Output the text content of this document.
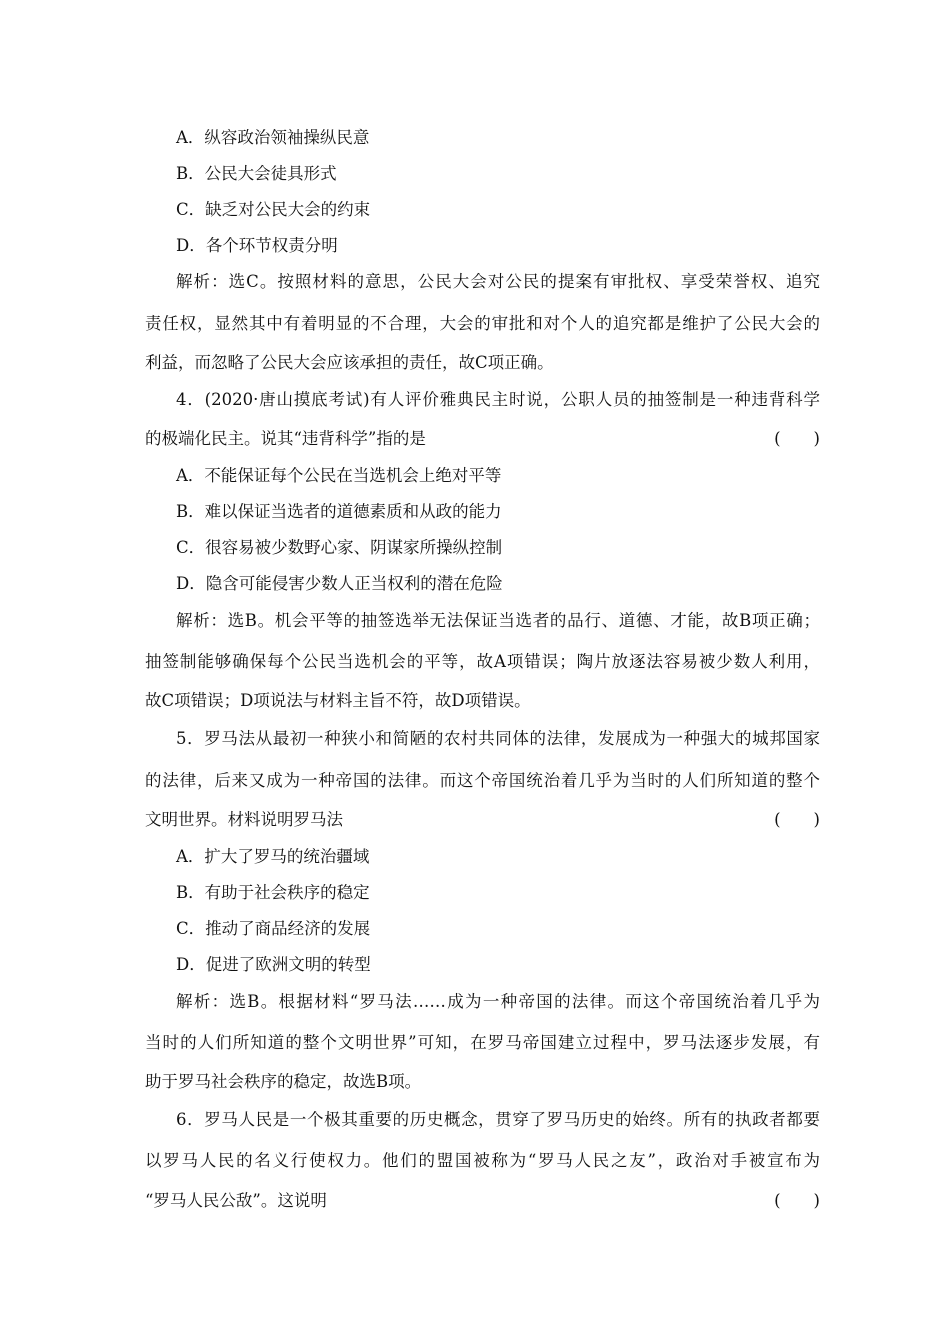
A．纵容政治领袖操纵民意
B．公民大会徒具形式
C．缺乏对公民大会的约束
D．各个环节权责分明
解析：选C。按照材料的意思，公民大会对公民的提案有审批权、享受荣誉权、追究
责任权，显然其中有着明显的不合理，大会的审批和对个人的追究都是维护了公民大会的
利益，而忽略了公民大会应该承担的责任，故C项正确。
4．(2020·唐山摸底考试)有人评价雅典民主时说，公职人员的抽签制是一种违背科学
的极端化民主。说其“违背科学”指的是	(　　)
A．不能保证每个公民在当选机会上绝对平等
B．难以保证当选者的道德素质和从政的能力
C．很容易被少数野心家、阴谋家所操纵控制
D．隐含可能侵害少数人正当权利的潜在危险
解析：选B。机会平等的抽签选举无法保证当选者的品行、道德、才能，故B项正确；
抽签制能够确保每个公民当选机会的平等，故A项错误；陶片放逐法容易被少数人利用，
故C项错误；D项说法与材料主旨不符，故D项错误。
5．罗马法从最初一种狭小和简陋的农村共同体的法律，发展成为一种强大的城邦国家
的法律，后来又成为一种帝国的法律。而这个帝国统治着几乎为当时的人们所知道的整个
文明世界。材料说明罗马法	(　　)
A．扩大了罗马的统治疆域
B．有助于社会秩序的稳定
C．推动了商品经济的发展
D．促进了欧洲文明的转型
解析：选B。根据材料“罗马法……成为一种帝国的法律。而这个帝国统治着几乎为
当时的人们所知道的整个文明世界”可知，在罗马帝国建立过程中，罗马法逐步发展，有
助于罗马社会秩序的稳定，故选B项。
6．罗马人民是一个极其重要的历史概念，贯穿了罗马历史的始终。所有的执政者都要
以罗马人民的名义行使权力。他们的盟国被称为“罗马人民之友”，政治对手被宣布为
“罗马人民公敌”。这说明	(　　)
